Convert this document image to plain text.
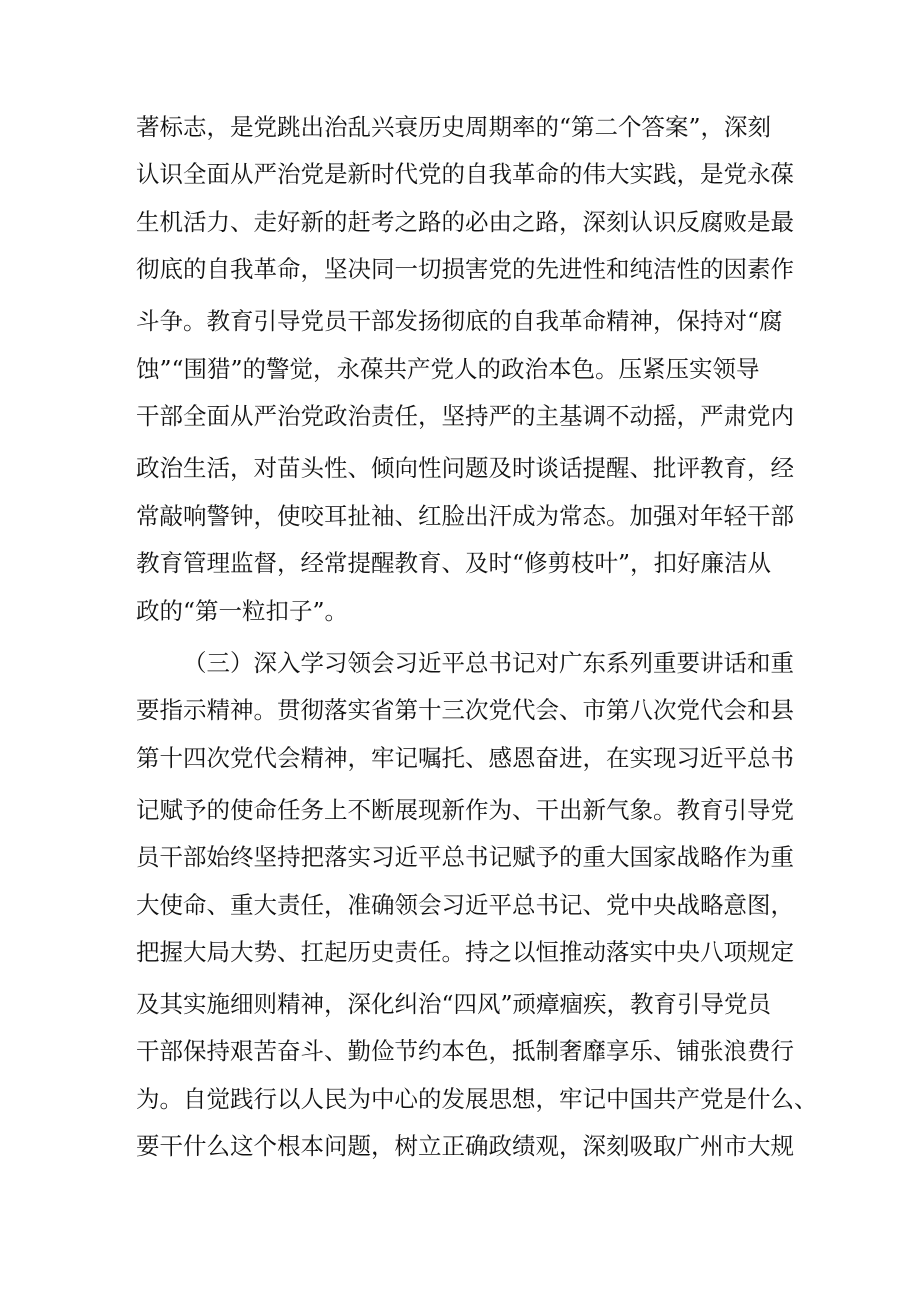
著标志，是党跳出治乱兴衰历史周期率的“第二个答案”，深刻
认识全面从严治党是新时代党的自我革命的伟大实践，是党永葆
生机活力、走好新的赶考之路的必由之路，深刻认识反腐败是最
彻底的自我革命，坚决同一切损害党的先进性和纯洁性的因素作
斗争。教育引导党员干部发扬彻底的自我革命精神，保持对“腐
蚀”“围猎”的警觉，永葆共产党人的政治本色。压紧压实领导
干部全面从严治党政治责任，坚持严的主基调不动摇，严肃党内
政治生活，对苗头性、倾向性问题及时谈话提醒、批评教育，经
常敲响警钟，使咬耳扯袖、红脸出汗成为常态。加强对年轻干部
教育管理监督，经常提醒教育、及时“修剪枝叶”，扣好廉洁从
政的“第一粒扣子”。
（三）深入学习领会习近平总书记对广东系列重要讲话和重
要指示精神。贯彻落实省第十三次党代会、市第八次党代会和县
第十四次党代会精神，牢记嘱托、感恩奋进，在实现习近平总书
记赋予的使命任务上不断展现新作为、干出新气象。教育引导党
员干部始终坚持把落实习近平总书记赋予的重大国家战略作为重
大使命、重大责任，准确领会习近平总书记、党中央战略意图，
把握大局大势、扛起历史责任。持之以恒推动落实中央八项规定
及其实施细则精神，深化纠治“四风”顽瘴痼疾，教育引导党员
干部保持艰苦奋斗、勤俭节约本色，抵制奢靡享乐、铺张浪费行
为。自觉践行以人民为中心的发展思想，牢记中国共产党是什么、
要干什么这个根本问题，树立正确政绩观，深刻吸取广州市大规
